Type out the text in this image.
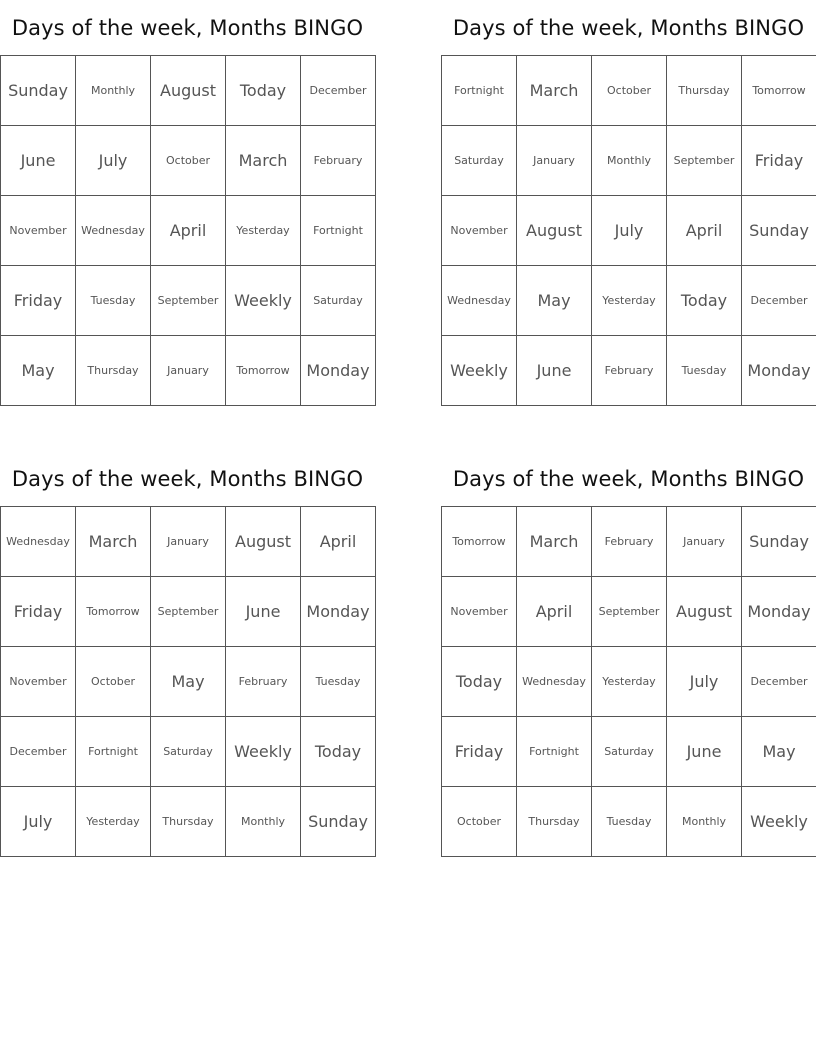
Days of the week, Months BINGO
Sunday	Monthly	August	Today	December
June	July	October	March	February
November	Wednesday	April	Yesterday	Fortnight
Friday	Tuesday	September	Weekly	Saturday
May	Thursday	January	Tomorrow	Monday
Days of the week, Months BINGO
Fortnight	March	October	Thursday	Tomorrow
Saturday	January	Monthly	September	Friday
November	August	July	April	Sunday
Wednesday	May	Yesterday	Today	December
Weekly	June	February	Tuesday	Monday
Days of the week, Months BINGO
Wednesday	March	January	August	April
Friday	Tomorrow	September	June	Monday
November	October	May	February	Tuesday
December	Fortnight	Saturday	Weekly	Today
July	Yesterday	Thursday	Monthly	Sunday
Days of the week, Months BINGO
Tomorrow	March	February	January	Sunday
November	April	September	August	Monday
Today	Wednesday	Yesterday	July	December
Friday	Fortnight	Saturday	June	May
October	Thursday	Tuesday	Monthly	Weekly
